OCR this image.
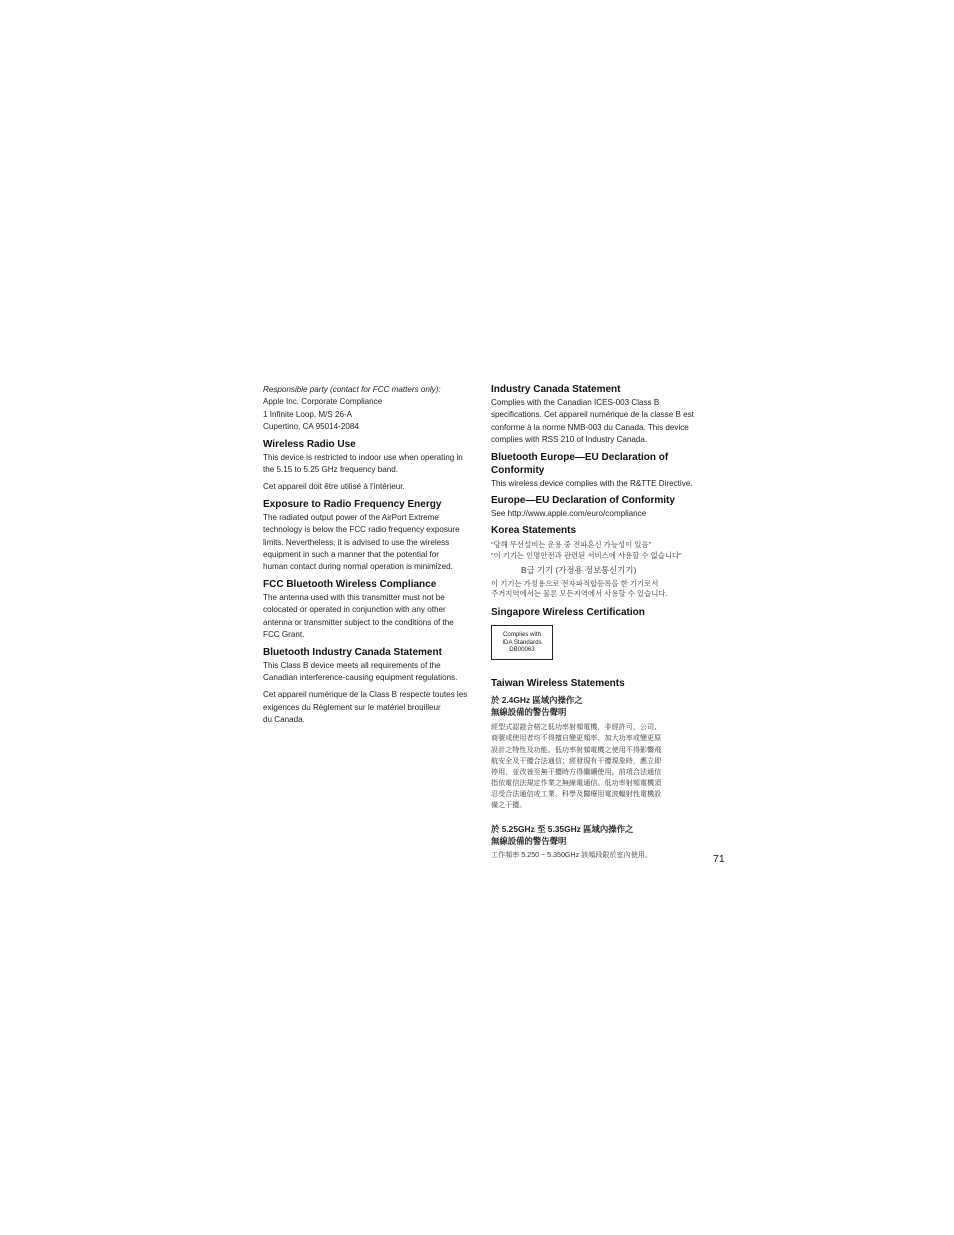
Responsible party (contact for FCC matters only):
Apple Inc. Corporate Compliance
1 Infinite Loop, M/S 26-A
Cupertino, CA 95014-2084
Wireless Radio Use
This device is restricted to indoor use when operating in
the 5.15 to 5.25 GHz frequency band.
Cet appareil doit être utilisé à l’intérieur.
Exposure to Radio Frequency Energy
The radiated output power of the AirPort Extreme
technology is below the FCC radio frequency exposure
limits. Nevertheless, it is advised to use the wireless
equipment in such a manner that the potential for
human contact during normal operation is minimized.
FCC Bluetooth Wireless Compliance
The antenna used with this transmitter must not be
colocated or operated in conjunction with any other
antenna or transmitter subject to the conditions of the
FCC Grant.
Bluetooth Industry Canada Statement
This Class B device meets all requirements of the
Canadian interference-causing equipment regulations.
Cet appareil numérique de la Class B respecte toutes les
exigences du Règlement sur le matériel brouilleur
du Canada.
Industry Canada Statement
Complies with the Canadian ICES-003 Class B
specifications. Cet appareil numérique de la classe B est
conforme à la norme NMB-003 du Canada. This device
complies with RSS 210 of Industry Canada.
Bluetooth Europe—EU Declaration of
Conformity
This wireless device complies with the R&TTE Directive.
Europe—EU Declaration of Conformity
See http://www.apple.com/euro/compliance
Korea Statements
“당해 무선설비는 운용 중 전파혼신 가능성이 있음”
“이 기기는 인명안전과 관련된 서비스에 사용할 수 없습니다”
B급 기기 (가정용 정보통신기기)
이 기기는 가정용으로 전자파적합등록을 한 기기로서
주거지역에서는 물론 모든지역에서 사용할 수 있습니다.
Singapore Wireless Certification
Complies with
IDA Standards
DB00063
Taiwan Wireless Statements
於 2.4GHz 區域內操作之
無線設備的警告聲明
經型式認證合格之低功率射頻電機，非經許可，公司、
商號或使用者均不得擅自變更頻率、加大功率或變更原
設計之特性及功能。低功率射頻電機之使用不得影響飛
航安全及干擾合法通信；經發現有干擾現象時，應立即
停用，並改善至無干擾時方得繼續使用。前項合法通信
指依電信法規定作業之無線電通信。低功率射頻電機須
忍受合法通信或工業、科學及醫療用電波輻射性電機設
備之干擾。
於 5.25GHz 至 5.35GHz 區域內操作之
無線設備的警告聲明
工作頻率 5.250 ~ 5.350GHz 該頻段限於室內使用。	71
